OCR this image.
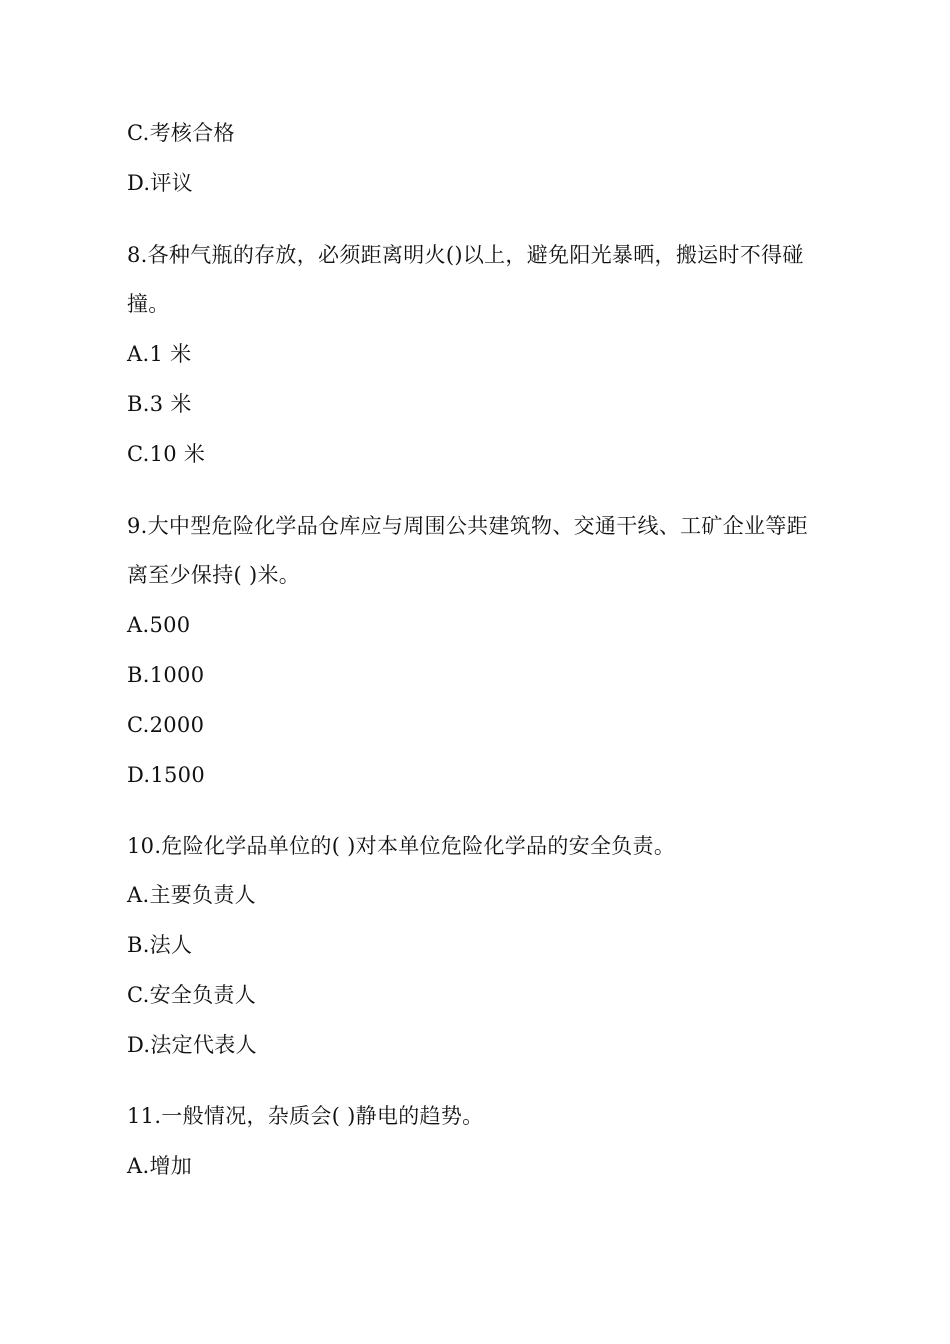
C.考核合格
D.评议
8.各种气瓶的存放，必须距离明火()以上，避免阳光暴晒，搬运时不得碰
撞。
A.1 米
B.3 米
C.10 米
9.大中型危险化学品仓库应与周围公共建筑物、交通干线、工矿企业等距
离至少保持( )米。
A.500
B.1000
C.2000
D.1500
10.危险化学品单位的( )对本单位危险化学品的安全负责。
A.主要负责人
B.法人
C.安全负责人
D.法定代表人
11.一般情况，杂质会( )静电的趋势。
A.增加
